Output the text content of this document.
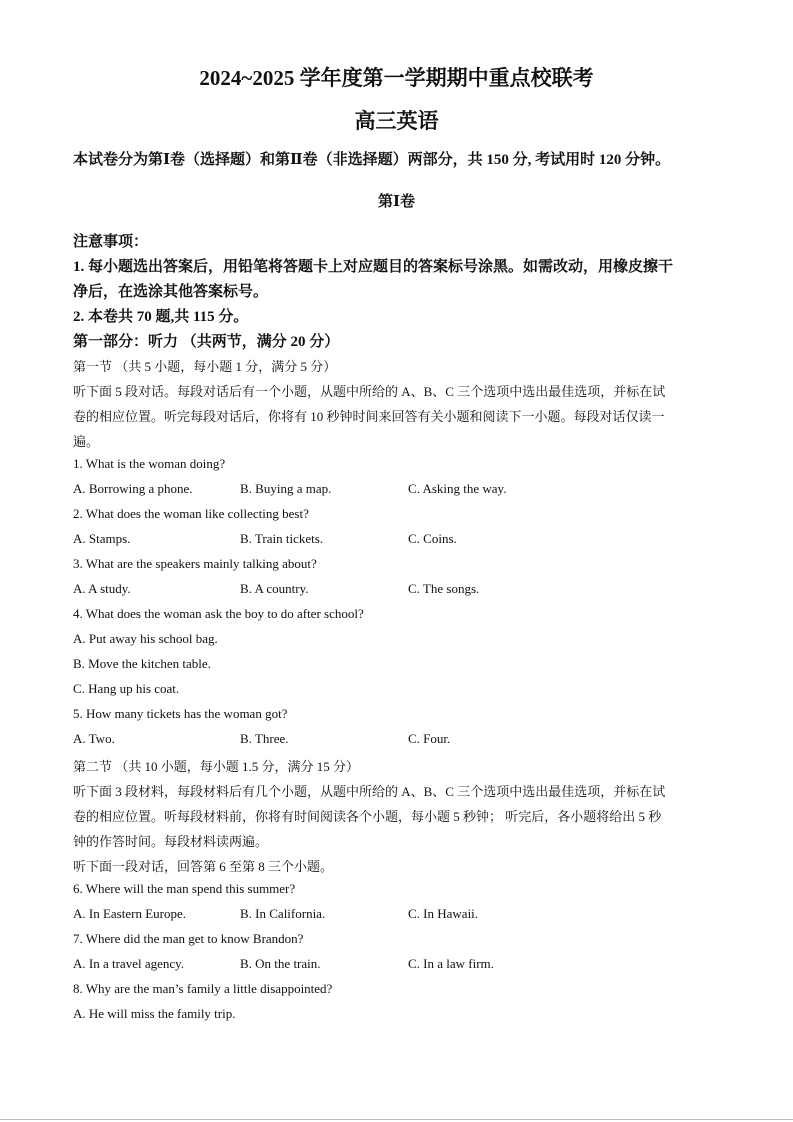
2024~2025 学年度第一学期期中重点校联考
高三英语
本试卷分为第Ⅰ卷（选择题）和第Ⅱ卷（非选择题）两部分，共 150 分, 考试用时 120 分钟。
第Ⅰ卷
注意事项：
1. 每小题选出答案后，用铅笔将答题卡上对应题目的答案标号涂黑。如需改动，用橡皮擦干
净后，在选涂其他答案标号。
2. 本卷共 70 题,共 115 分。
第一部分：听力 （共两节，满分 20 分）
第一节 （共 5 小题，每小题 1 分，满分 5 分）
听下面 5 段对话。每段对话后有一个小题，从题中所给的 A、B、C 三个选项中选出最佳选项，并标在试
卷的相应位置。听完每段对话后，你将有 10 秒钟时间来回答有关小题和阅读下一小题。每段对话仅读一
遍。
1. What is the woman doing?
A. Borrowing a phone.	B. Buying a map.	C. Asking the way.
2. What does the woman like collecting best?
A. Stamps.	B. Train tickets.	C. Coins.
3. What are the speakers mainly talking about?
A. A study.	B. A country.	C. The songs.
4. What does the woman ask the boy to do after school?
A. Put away his school bag.
B. Move the kitchen table.
C. Hang up his coat.
5. How many tickets has the woman got?
A. Two.	B. Three.	C. Four.
第二节 （共 10 小题，每小题 1.5 分，满分 15 分）
听下面 3 段材料，每段材料后有几个小题，从题中所给的 A、B、C 三个选项中选出最佳选项，并标在试
卷的相应位置。听每段材料前，你将有时间阅读各个小题，每小题 5 秒钟； 听完后，各小题将给出 5 秒
钟的作答时间。每段材料读两遍。
听下面一段对话，回答第 6 至第 8 三个小题。
6. Where will the man spend this summer?
A. In Eastern Europe.	B. In California.	C. In Hawaii.
7. Where did the man get to know Brandon?
A. In a travel agency.	B. On the train.	C. In a law firm.
8. Why are the man’s family a little disappointed?
A. He will miss the family trip.
